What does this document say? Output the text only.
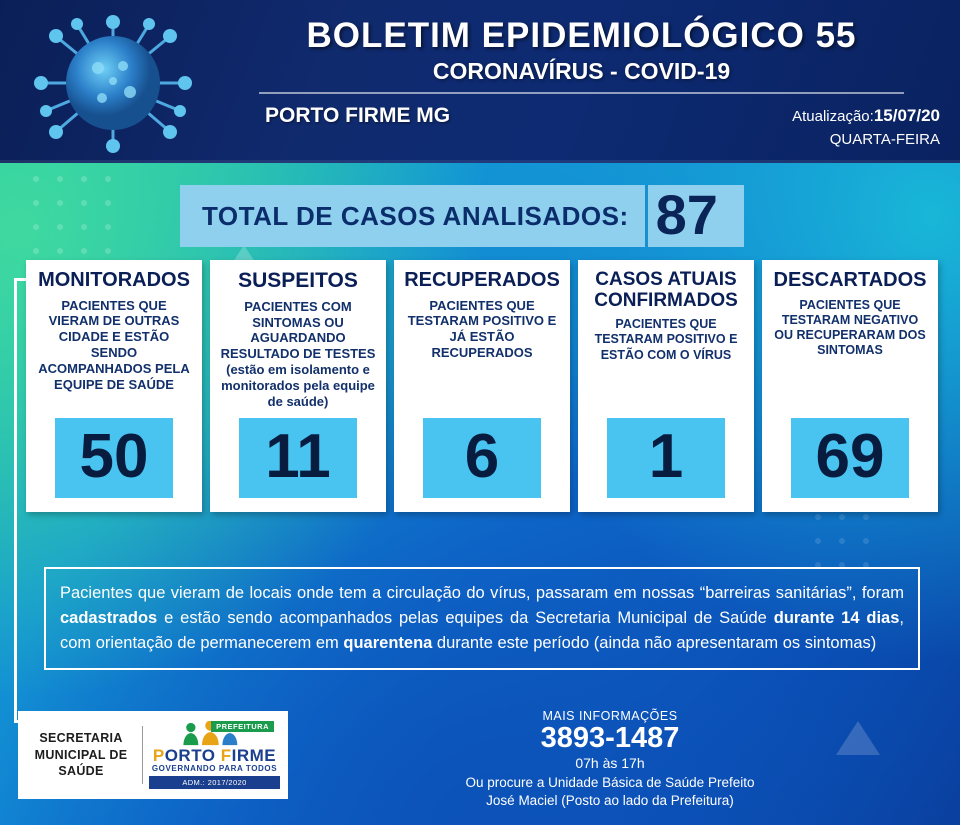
BOLETIM EPIDEMIOLÓGICO 55
CORONAVÍRUS - COVID-19
PORTO FIRME MG	Atualização:15/07/20
QUARTA-FEIRA
TOTAL DE CASOS ANALISADOS: 87
MONITORADOS

PACIENTES QUE VIERAM DE OUTRAS CIDADE E ESTÃO SENDO ACOMPANHADOS PELA EQUIPE DE SAÚDE

50
SUSPEITOS

PACIENTES COM SINTOMAS OU AGUARDANDO RESULTADO DE TESTES (estão em isolamento e monitorados pela equipe de saúde)

11
RECUPERADOS

PACIENTES QUE TESTARAM POSITIVO E JÁ ESTÃO RECUPERADOS

6
CASOS ATUAIS CONFIRMADOS

PACIENTES QUE TESTARAM POSITIVO E ESTÃO COM O VÍRUS

1
DESCARTADOS

PACIENTES QUE TESTARAM NEGATIVO OU RECUPERARAM DOS SINTOMAS

69
Pacientes que vieram de locais onde tem a circulação do vírus, passaram em nossas “barreiras sanitárias”, foram cadastrados e estão sendo acompanhados pelas equipes da Secretaria Municipal de Saúde durante 14 dias, com orientação de permanecerem em quarentena durante este período (ainda não apresentaram os sintomas)
SECRETARIA MUNICIPAL DE SAÚDE
PREFEITURA
PORTO FIRME
GOVERNANDO PARA TODOS
ADM.: 2017/2020
MAIS INFORMAÇÕES
3893-1487
07h às 17h
Ou procure a Unidade Básica de Saúde Prefeito
José Maciel (Posto ao lado da Prefeitura)
